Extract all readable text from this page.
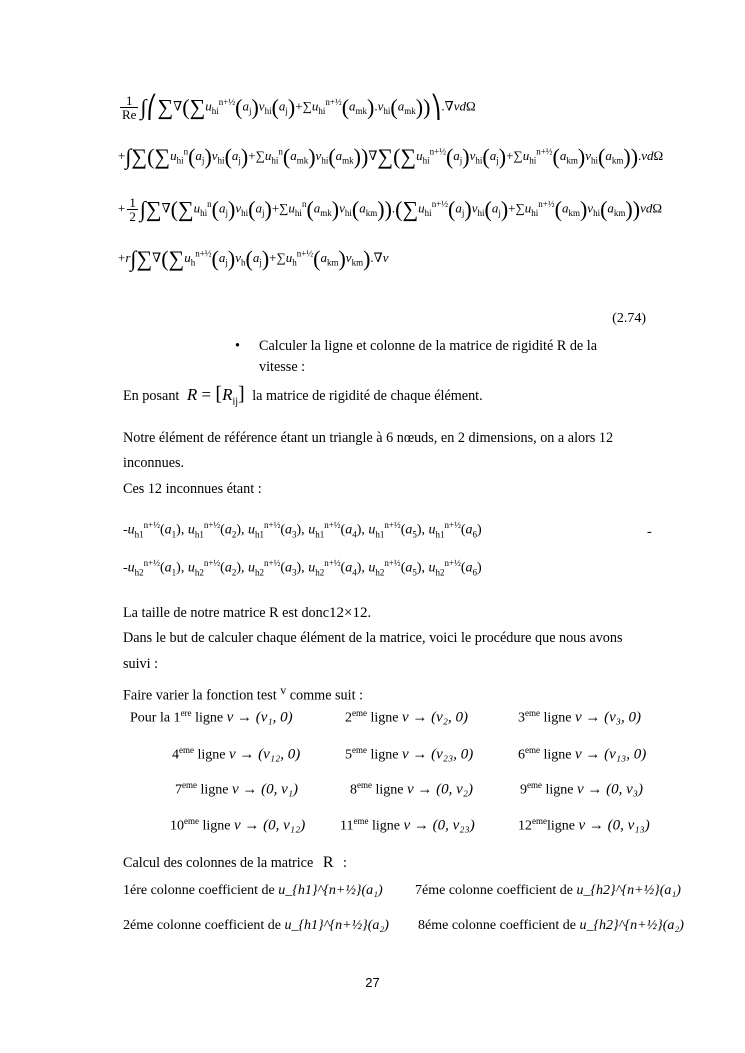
$\frac{1}{Re}$ $\int⎛\sum\nabla(\sum u_{hi}^{n+\frac{1}{2}}(a_j)v_{hi}(a_j)+\sum u_{hi}^{n+\frac{1}{2}}(a_{mk}).v_{hi}(a_{mk}))⎞.\nabla vd\Omega$
$+\int\sum(\sum u_{hi}^n(a_j)v_{hi}(a_j)+\sum u_{hi}^n(a_{mk})v_{hi}(a_{mk}))\nabla\sum(\sum u_{hi}^{n+\frac{1}{2}}(a_j)v_{hi}(a_j)+\sum u_{hi}^{n+\frac{1}{2}}(a_{km})v_{hi}(a_{km})).vd\Omega$
+ $\frac{1}{2} \int\sum\nabla(\sum u_{hi}^n(a_j)v_{hi}(a_j)+\sum u_{hi}^n(a_{mk})v_{hi}(a_{km})).(\sum u_{hi}^{n+\frac{1}{2}}(a_j)v_{hi}(a_j)+\sum u_{hi}^{n+\frac{1}{2}}(a_{km})v_{hi}(a_{km}))vd\Omega$
$+r\int\sum\nabla(\sum u_h^{n+\frac{1}{2}}(a_j)v_h(a_j)+\sum u_h^{n+\frac{1}{2}}(a_{km})v_{km}).\nabla v$
(2.74)
• Calculer la ligne et colonne de la matrice de rigidité R de la
vitesse :
En posant $R = [R_{ij}]$ la matrice de rigidité de chaque élément.
Notre élément de référence étant un triangle à 6 nœuds, en 2 dimensions, on a alors 12
inconnues.
Ces 12 inconnues étant :
$-u_{h1}^{n+\frac{1}{2}}(a_1)$, $u_{h1}^{n+\frac{1}{2}}(a_2)$, $u_{h1}^{n+\frac{1}{2}}(a_3)$, $u_{h1}^{n+\frac{1}{2}}(a_4)$, $u_{h1}^{n+\frac{1}{2}}(a_5)$, $u_{h1}^{n+\frac{1}{2}}(a_6)$	-
$-u_{h2}^{n+\frac{1}{2}}(a_1)$, $u_{h2}^{n+\frac{1}{2}}(a_2)$, $u_{h2}^{n+\frac{1}{2}}(a_3)$, $u_{h2}^{n+\frac{1}{2}}(a_4)$, $u_{h2}^{n+\frac{1}{2}}(a_5)$, $u_{h2}^{n+\frac{1}{2}}(a_6)$
La taille de notre matrice R est donc12×12.
Dans le but de calculer chaque élément de la matrice, voici le procédure que nous avons
suivi :
Faire varier la fonction test $^v$ comme suit :
Pour la 1ere ligne v → (v₁, 0)	2eme ligne v → (v₂, 0)	3eme ligne v → (v₃, 0)
4eme ligne v → (v₁₂, 0)	5eme ligne v → (v₂₃, 0)	6eme ligne v → (v₁₃, 0)
7eme ligne v → (0, v₁)	8eme ligne v → (0, v₂)	9eme ligne v → (0, v₃)
10eme ligne v → (0, v₁₂) 11eme ligne v → (0, v₂₃)	12emeligne v → (0, v₁₃)
Calcul des colonnes de la matrice R :
1ére colonne coefficient de u_{h1}^{n+½}(a₁) 7éme colonne coefficient de u_{h2}^{n+½}(a₁)
2éme colonne coefficient de u_{h1}^{n+½}(a₂) 8éme colonne coefficient de u_{h2}^{n+½}(a₂)
27
